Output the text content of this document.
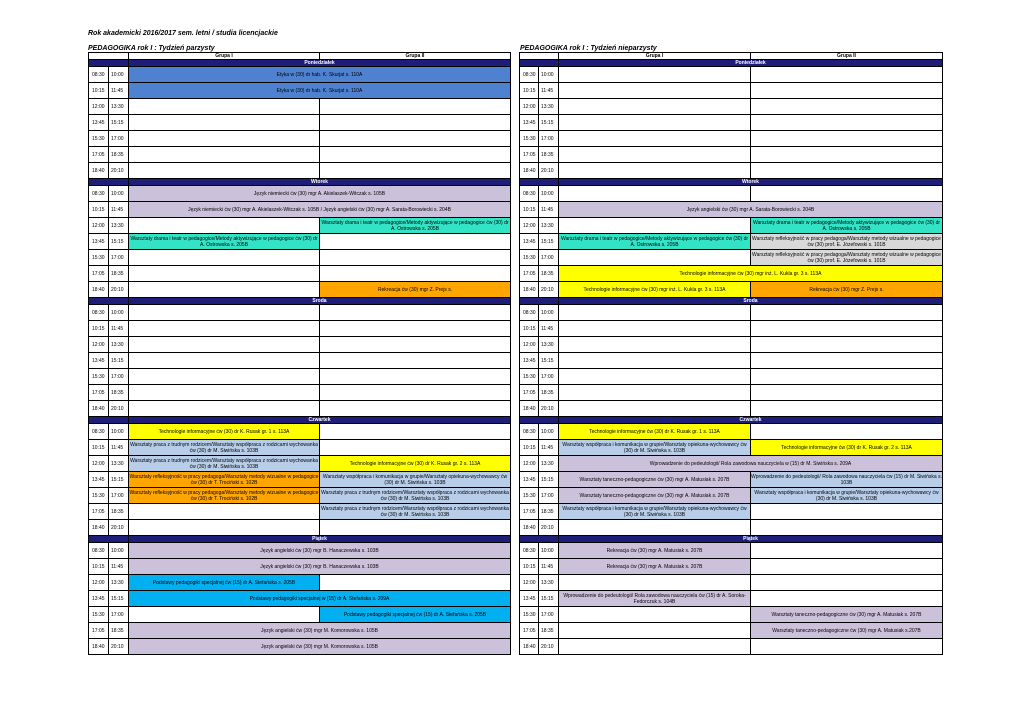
Rok akademicki 2016/2017 sem. letni / studia licencjackie
PEDAGOGIKA rok I : Tydzień parzysty	PEDAGOGIKA rok I : Tydzień nieparzysty
		Grupa I	Grupa II
		Poniedziałek	
08:30	10:00	Etyka w (30) dr hab. K. Skurjat s. 110A	
10:15	11:45	Etyka w (30) dr hab. K. Skurjat s. 110A	
12:00	13:30		
13:45	15:15		
15:30	17:00		
17:05	18:35		
18:40	20:10		
		Wtorek	
08:30	10:00	Język niemiecki ćw (30) mgr A. Akielaszek-Witczak s. 105B	
10:15	11:45	Język niemiecki ćw (30) mgr A. Akielaszek-Witczak s. 105B / Język angielski ćw (30) mgr A. Sarata-Borowiecki s. 204B	
12:00	13:30		Warsztaty drama i teatr w pedagogice/Metody aktywizujące w pedagogice ćw (30) dr A. Ostrowska s. 205B
13:45	15:15	Warsztaty drama i teatr w pedagogice/Metody aktywizujące w pedagogice ćw (30) dr A. Ostrowska s. 205B	
15:30	17:00		
17:05	18:35		
18:40	20:10		Rekreacja ćw (30) mgr Z. Prejs s.
		Środa	
08:30	10:00		
10:15	11:45		
12:00	13:30		
13:45	15:15		
15:30	17:00		
17:05	18:35		
18:40	20:10		
		Czwartek	
08:30	10:00	Technologie informacyjne ćw (30) dr K. Rusak gr. 1 s. 113A	
10:15	11:45	Warsztaty praca z trudnym rodzicem/Warsztaty współpraca z rodzicami wychowanka ćw (30) dr M. Siwińska s. 103B	
12:00	13:30	Warsztaty praca z trudnym rodzicem/Warsztaty współpraca z rodzicami wychowanka ćw (30) dr M. Siwińska s. 103B	Technologie informacyjne ćw (30) dr K. Rusak gr. 2 s. 113A
13:45	15:15	Warsztaty refleksyjność w pracy pedagoga/Warsztaty metody wizualne w pedagogice ćw (30) dr T. Trociński s. 102B	Warsztaty współpraca i komunikacja w grupie/Warsztaty opiekuna-wychowawcy ćw (30) dr M. Siwińska s. 103B
15:30	17:00	Warsztaty refleksyjność w pracy pedagoga/Warsztaty metody wizualne w pedagogice ćw (30) dr T. Trociński s. 102B	Warsztaty praca z trudnym rodzicem/Warsztaty współpraca z rodzicami wychowanka ćw (30) dr M. Siwińska s. 103B
17:05	18:35		Warsztaty praca z trudnym rodzicem/Warsztaty współpraca z rodzicami wychowanka ćw (30) dr M. Siwińska s. 103B
18:40	20:10		
		Piątek	
08:30	10:00	Język angielski ćw (30) mgr B. Hanaczewska s. 103B	
10:15	11:45	Język angielski ćw (30) mgr B. Hanaczewska s. 103B	
12:00	13:30	Podstawy pedagogiki specjalnej ćw (15) dr A. Stefańska s. 205B	
13:45	15:15	Podstawy pedagogiki specjalnej w (15) dr A. Stefańska s. 209A	
15:30	17:00		Podstawy pedagogiki specjalnej ćw (15) dr A. Stefańska s. 205B
17:05	18:35	Język angielski ćw (30) mgr M. Komorowska s. 105B	
18:40	20:10	Język angielski ćw (30) mgr M. Komorowska s. 105B	
		Grupa I	Grupa II
		Poniedziałek	
08:30	10:00		
10:15	11:45		
12:00	13:30		
13:45	15:15		
15:30	17:00		
17:05	18:35		
18:40	20:10		
		Wtorek	
08:30	10:00		
10:15	11:45	Język angielski ćw (30) mgr A. Sarata-Borowiecki s. 204B	
12:00	13:30		Warsztaty drama i teatr w pedagogice/Metody aktywizujące w pedagogice ćw (30) dr A. Ostrowska s. 205B
13:45	15:15	Warsztaty drama i teatr w pedagogice/Metody aktywizujące w pedagogice ćw (30) dr A. Ostrowska s. 205B	Warsztaty refleksyjność w pracy pedagoga/Warsztaty metody wizualne w pedagogice ćw (30) prof. E. Józefowski s. 101B
15:30	17:00		Warsztaty refleksyjność w pracy pedagoga/Warsztaty metody wizualne w pedagogice ćw (30) prof. E. Józefowski s. 101B
17:05	18:35	Technologie informacyjne ćw (30) mgr inż. L. Kukla gr. 3 s. 113A	
18:40	20:10	Technologie informacyjne ćw (30) mgr inż. L. Kukla gr. 3 s. 113A	Rekreacja ćw (30) mgr Z. Prejs s.
		Środa	
08:30	10:00		
10:15	11:45		
12:00	13:30		
13:45	15:15		
15:30	17:00		
17:05	18:35		
18:40	20:10		
		Czwartek	
08:30	10:00	Technologie informacyjne ćw (30) dr K. Rusak gr. 1 s. 113A	
10:15	11:45	Warsztaty współpraca i komunikacja w grupie/Warsztaty opiekuna-wychowawcy ćw (30) dr M. Siwińska s. 103B	Technologie informacyjne ćw (30) dr K. Rusak gr. 2 s. 113A
12:00	13:30	Wprowadzenie do pedeutologii/ Rola zawodowa nauczyciela w (15) dr M. Siwińska s. 209A	
13:45	15:15	Warsztaty taneczno-pedagogiczne ćw (30) mgr A. Matusiak s. 207B	Wprowadzenie do pedeutologii/ Rola zawodowa nauczyciela ćw (15) dr M. Siwińska s. 103B
15:30	17:00	Warsztaty taneczno-pedagogiczne ćw (30) mgr A. Matusiak s. 207B	Warsztaty współpraca i komunikacja w grupie/Warsztaty opiekuna-wychowawcy ćw (30) dr M. Siwińska s. 103B
17:05	18:35	Warsztaty współpraca i komunikacja w grupie/Warsztaty opiekuna-wychowawcy ćw (30) dr M. Siwińska s. 103B	
18:40	20:10		
		Piątek	
08:30	10:00	Rekreacja ćw (30) mgr A. Matusiak s. 207B	
10:15	11:45	Rekreacja ćw (30) mgr A. Matusiak s. 207B	
12:00	13:30		
13:45	15:15	Wprowadzenie do pedeutologii/ Rola zawodowa nauczyciela ćw (15) dr A. Soroka-Fedorczuk s. 104B	
15:30	17:00		Warsztaty taneczno-pedagogiczne ćw (30) mgr A. Matusiak s. 207B
17:05	18:35		Warsztaty taneczno-pedagogiczne ćw (30) mgr A. Matusiak s.207B
18:40	20:10		
